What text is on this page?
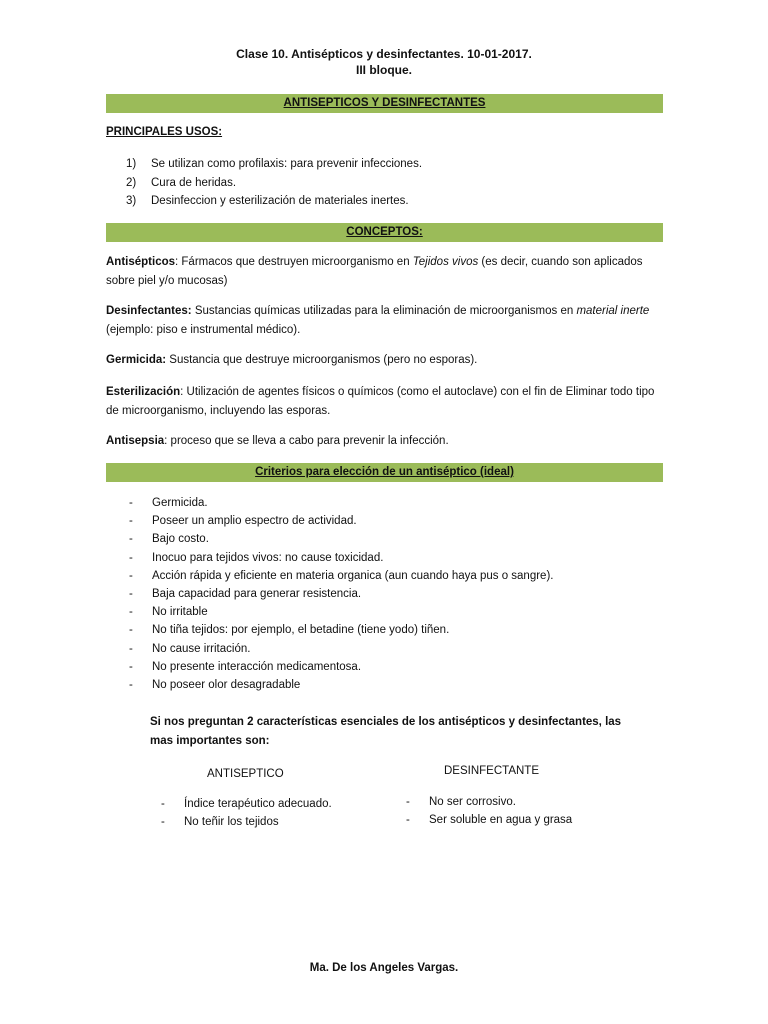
Clase 10. Antisépticos y desinfectantes. 10-01-2017.
III bloque.
ANTISEPTICOS Y DESINFECTANTES
PRINCIPALES USOS:
1) Se utilizan como profilaxis: para prevenir infecciones.
2) Cura de heridas.
3) Desinfeccion y esterilización de materiales inertes.
CONCEPTOS:
Antisépticos: Fármacos que destruyen microorganismo en Tejidos vivos (es decir, cuando son aplicados sobre piel y/o mucosas)
Desinfectantes: Sustancias químicas utilizadas para la eliminación de microorganismos en material inerte (ejemplo: piso e instrumental médico).
Germicida: Sustancia que destruye microorganismos (pero no esporas).
Esterilización: Utilización de agentes físicos o químicos (como el autoclave) con el fin de Eliminar todo tipo de microorganismo, incluyendo las esporas.
Antisepsia: proceso que se lleva a cabo para prevenir la infección.
Criterios para elección de un antiséptico (ideal)
- Germicida.
- Poseer un amplio espectro de actividad.
- Bajo costo.
- Inocuo para tejidos vivos: no cause toxicidad.
- Acción rápida y eficiente en materia organica (aun cuando haya pus o sangre).
- Baja capacidad para generar resistencia.
- No irritable
- No tiña tejidos: por ejemplo, el betadine (tiene yodo) tiñen.
- No cause irritación.
- No presente interacción medicamentosa.
- No poseer olor desagradable
Si nos preguntan 2 características esenciales de los antisépticos y desinfectantes, las mas importantes son:
ANTISEPTICO
- Índice terapéutico adecuado.
- No teñir los tejidos
DESINFECTANTE
- No ser corrosivo.
- Ser soluble en agua y grasa
Ma. De los Angeles Vargas.
